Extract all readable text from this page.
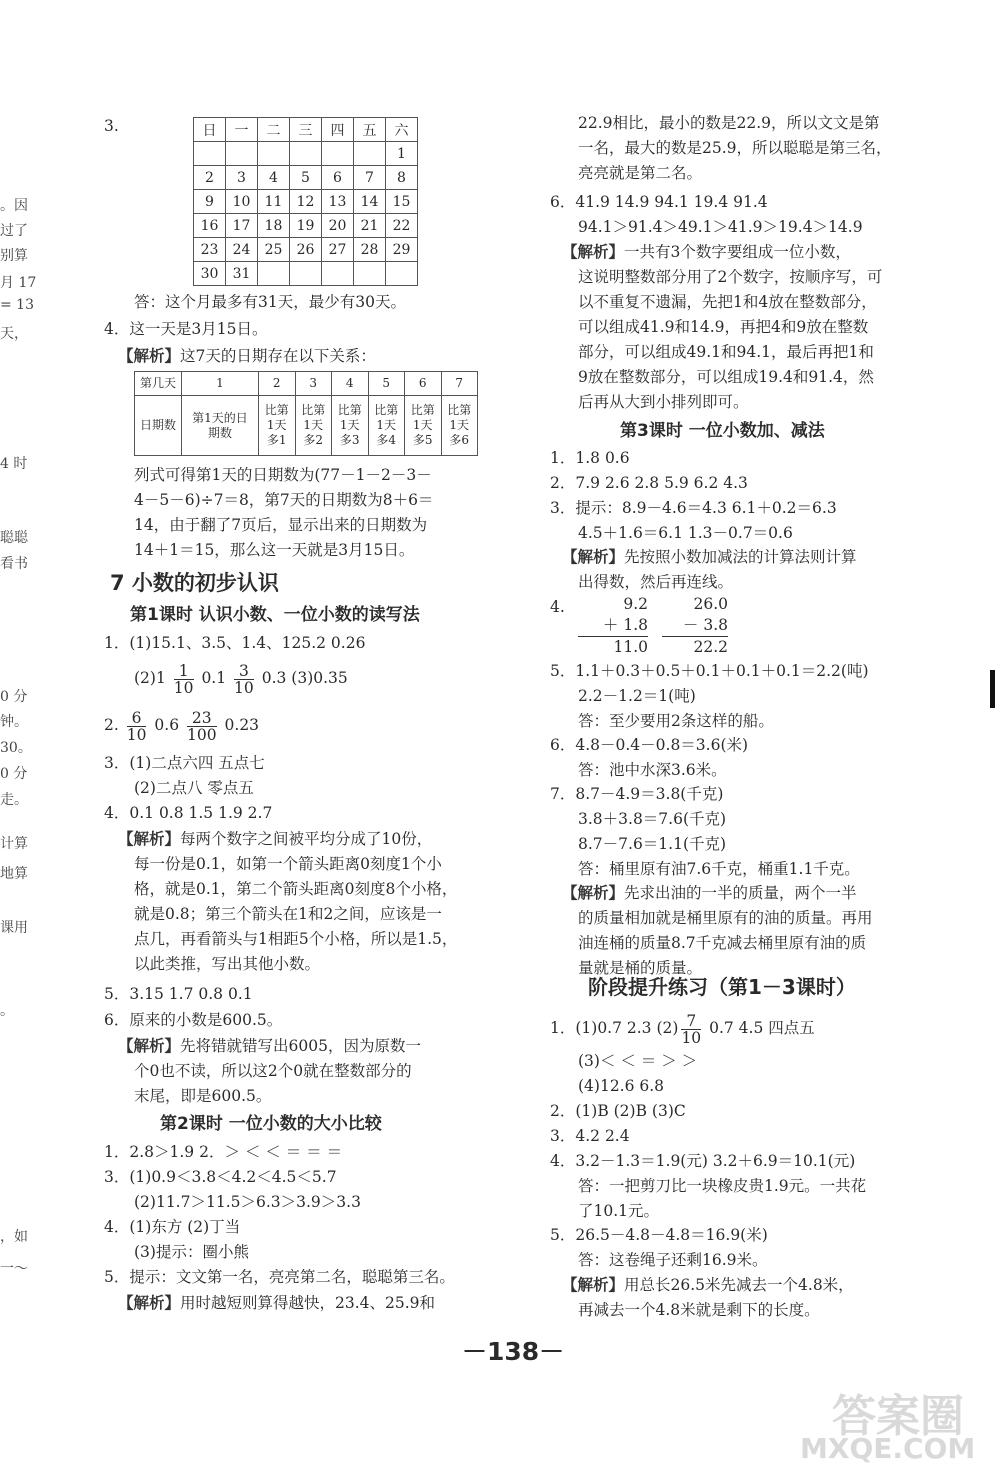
。因
过了
别算
月 17
= 13
天，
4 时
聪聪
看书
0 分
钟。
30。
0 分
走。
计算
地算
课用
。
，如
一～
3.	日	一	二	三	四	五	六
						1
2	3	4	5	6	7	8
9	10	11	12	13	14	15
16	17	18	19	20	21	22
23	24	25	26	27	28	29
30	31					
答：这个月最多有31天，最少有30天。
4．这一天是3月15日。
【解析】这7天的日期存在以下关系：
第几天	1	2	3	4	5	6	7
日期数	第1天的日期数	比第1天多1	比第1天多2	比第1天多3	比第1天多4	比第1天多5	比第1天多6
列式可得第1天的日期数为(77－1－2－3－
4－5－6)÷7＝8，第7天的日期数为8＋6＝
14，由于翻了7页后，显示出来的日期数为
14＋1＝15，那么这一天就是3月15日。
7 小数的初步认识
第1课时 认识小数、一位小数的读写法
1．(1)15.1、3.5、1.4、125.2 0.26
$(2)1 \frac{1}{10} 0.1 \frac{3}{10} 0.3$ (3)0.35
2. $\frac{6}{10} 0.6 \frac{23}{100} 0.23$
3．(1)二点六四 五点七
(2)二点八 零点五
4．0.1 0.8 1.5 1.9 2.7
【解析】每两个数字之间被平均分成了10份，
每一份是0.1，如第一个箭头距离0刻度1个小
格，就是0.1，第二个箭头距离0刻度8个小格，
就是0.8；第三个箭头在1和2之间，应该是一
点几，再看箭头与1相距5个小格，所以是1.5，
以此类推，写出其他小数。
5．3.15 1.7 0.8 0.1
6．原来的小数是600.5。
【解析】先将错就错写出6005，因为原数一
个0也不读，所以这2个0就在整数部分的
末尾，即是600.5。
第2课时 一位小数的大小比较
1．2.8＞1.9 2．＞ ＜ ＜ ＝ ＝ ＝
3．(1)0.9＜3.8＜4.2＜4.5＜5.7
(2)11.7＞11.5＞6.3＞3.9＞3.3
4．(1)东方 (2)丁当
(3)提示：圈小熊
5．提示：文文第一名，亮亮第二名，聪聪第三名。
【解析】用时越短则算得越快，23.4、25.9和
22.9相比，最小的数是22.9，所以文文是第
一名，最大的数是25.9，所以聪聪是第三名，
亮亮就是第二名。
6．41.9 14.9 94.1 19.4 91.4
94.1＞91.4＞49.1＞41.9＞19.4＞14.9
【解析】一共有3个数字要组成一位小数，
这说明整数部分用了2个数字，按顺序写，可
以不重复不遗漏，先把1和4放在整数部分，
可以组成41.9和14.9，再把4和9放在整数
部分，可以组成49.1和94.1，最后再把1和
9放在整数部分，可以组成19.4和91.4，然
后再从大到小排列即可。
第3课时 一位小数加、减法
1．1.8 0.6
2．7.9 2.6 2.8 5.9 6.2 4.3
3．提示：8.9－4.6＝4.3 6.1＋0.2＝6.3
4.5＋1.6＝6.1 1.3－0.7＝0.6
【解析】先按照小数加减法的计算法则计算
出得数，然后再连线。
4.	9.2
＋ 1.8
11.0
26.0
－ 3.8
22.2
5．1.1＋0.3＋0.5＋0.1＋0.1＋0.1＝2.2(吨)
2.2－1.2＝1(吨)
答：至少要用2条这样的船。
6．4.8－0.4－0.8＝3.6(米)
答：池中水深3.6米。
7．8.7－4.9＝3.8(千克)
3.8＋3.8＝7.6(千克)
8.7－7.6＝1.1(千克)
答：桶里原有油7.6千克，桶重1.1千克。
【解析】先求出油的一半的质量，两个一半
的质量相加就是桶里原有的油的质量。再用
油连桶的质量8.7千克减去桶里原有油的质
量就是桶的质量。
阶段提升练习（第1－3课时）
1．(1)0.7 2.3 $(2) \frac{7}{10} 0.7$ 4.5 四点五
(3)＜ ＜ ＝ ＞ ＞
(4)12.6 6.8
2．(1)B (2)B (3)C
3．4.2 2.4
4．3.2－1.3＝1.9(元) 3.2＋6.9＝10.1(元)
答：一把剪刀比一块橡皮贵1.9元。一共花
了10.1元。
5．26.5－4.8－4.8＝16.9(米)
答：这卷绳子还剩16.9米。
【解析】用总长26.5米先减去一个4.8米，
再减去一个4.8米就是剩下的长度。
－138－
答案圈
MXQE.COM
